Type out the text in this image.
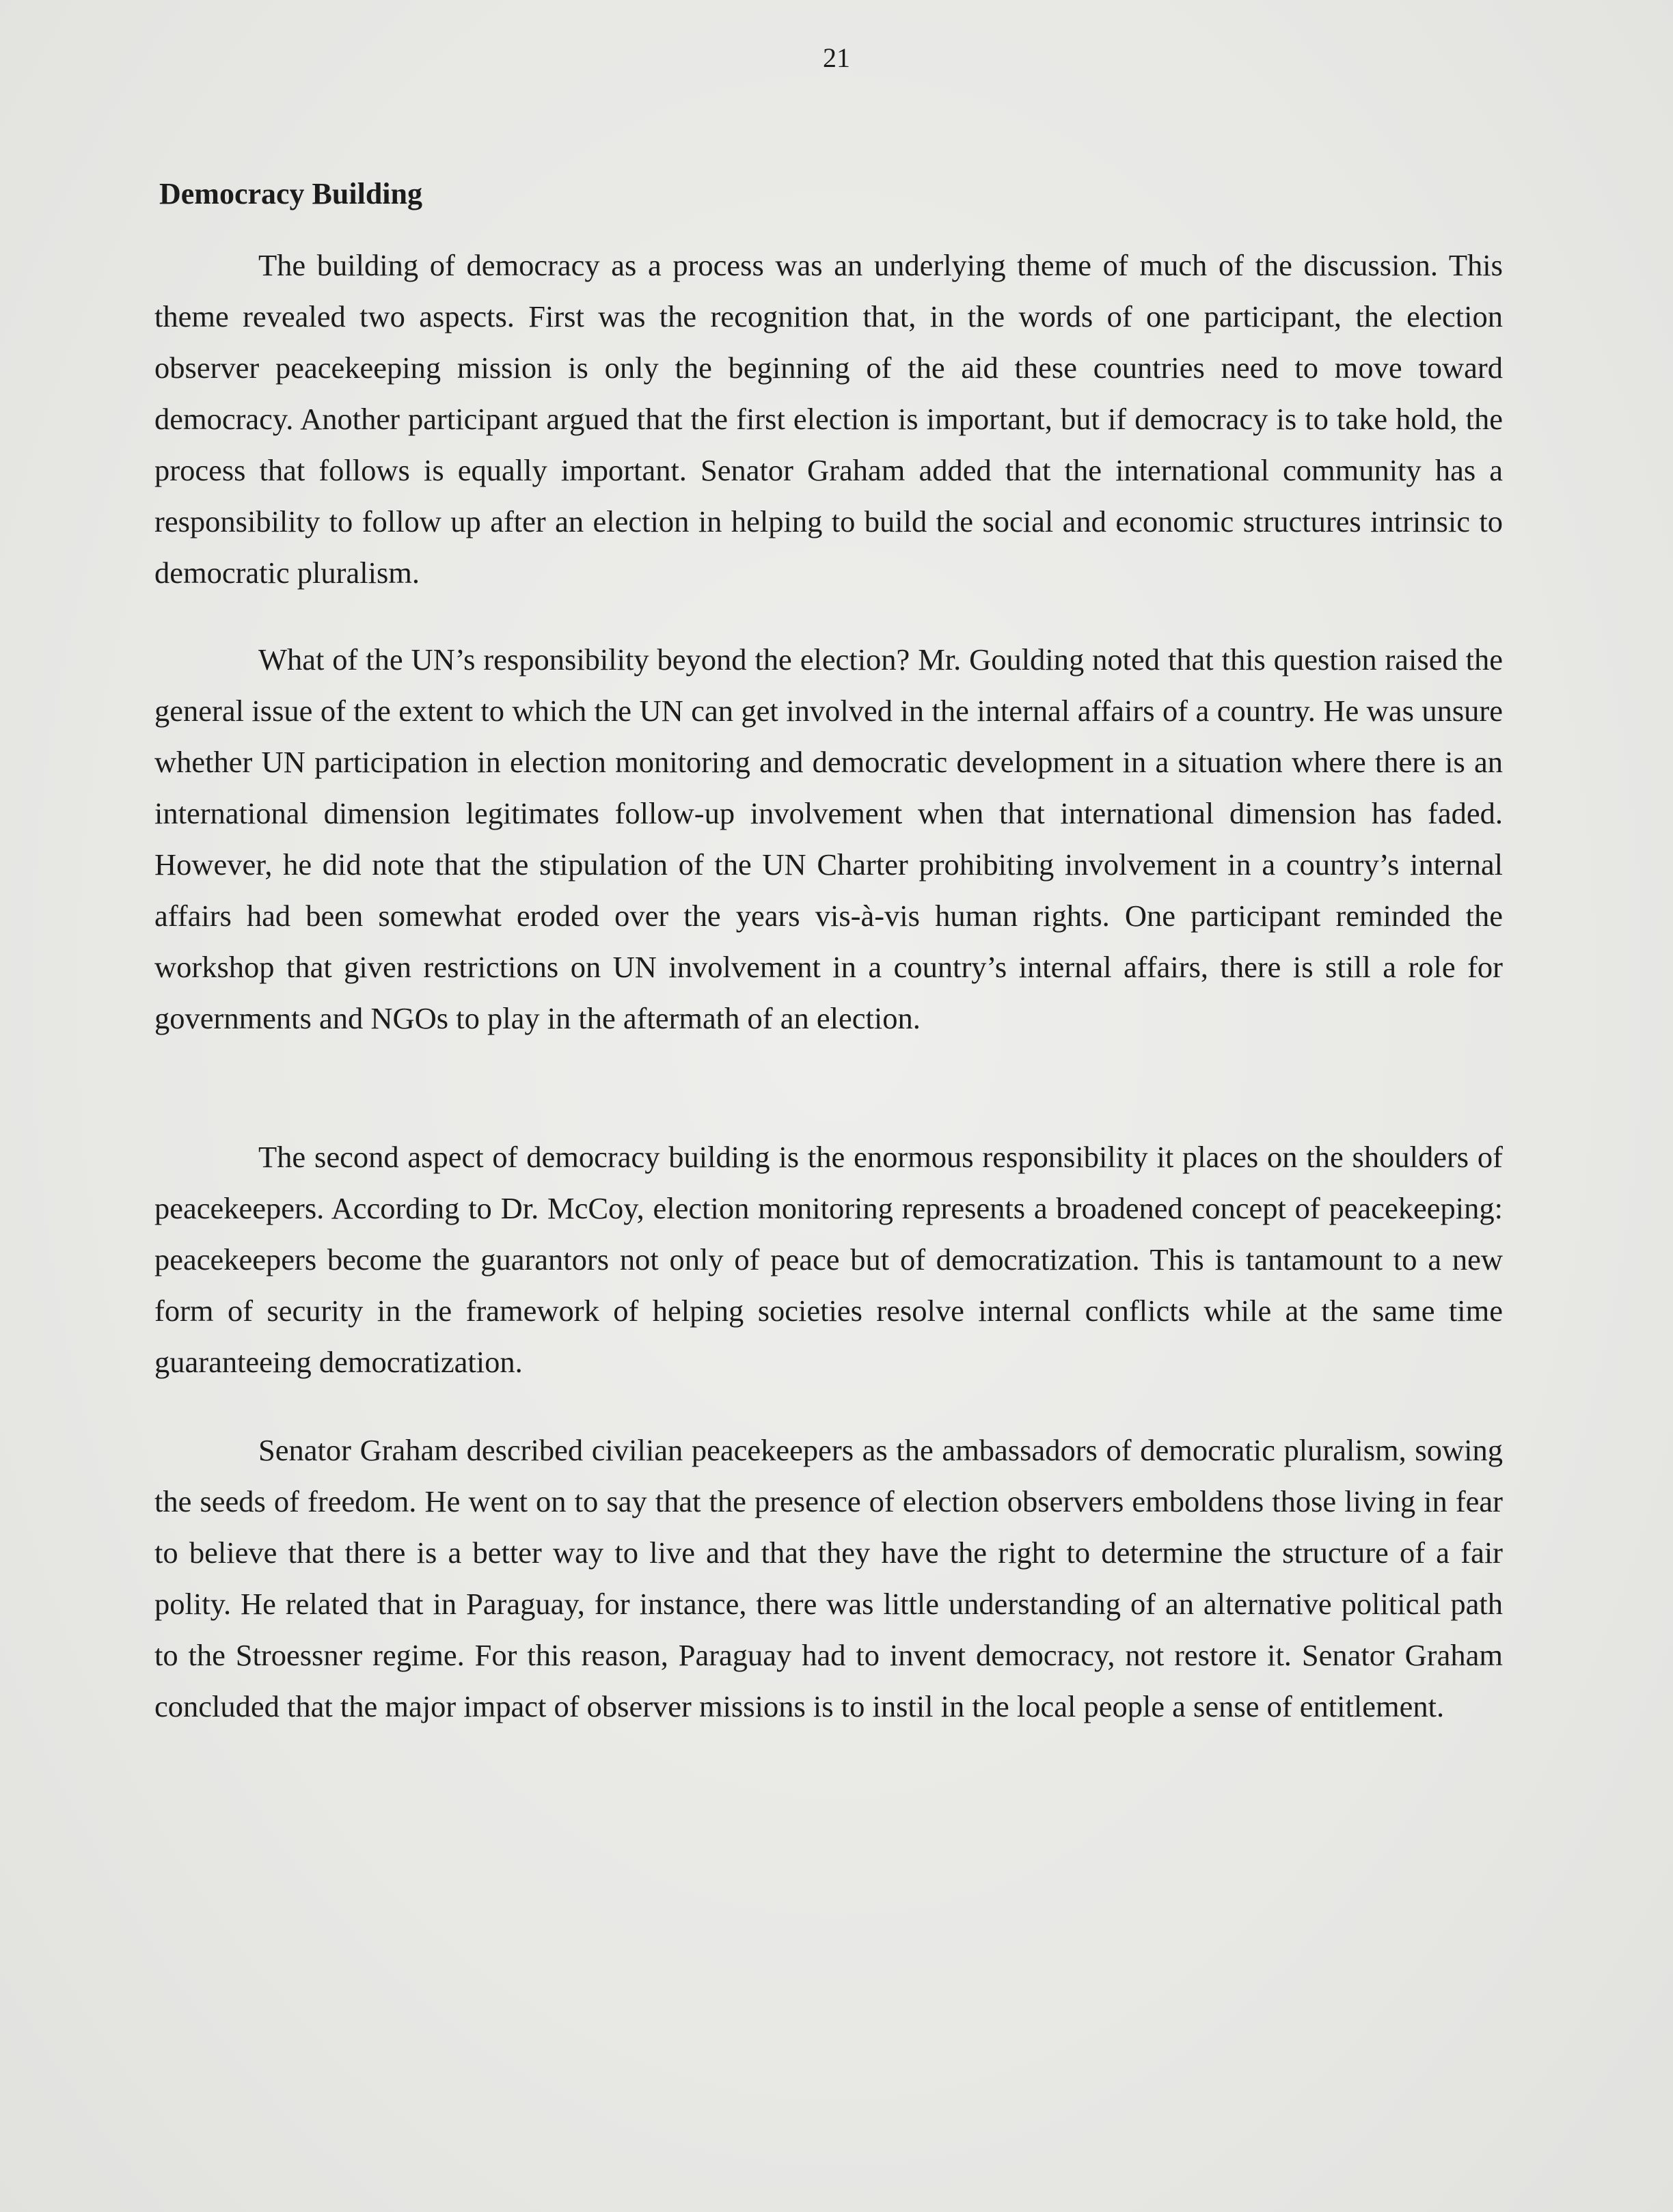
21
Democracy Building

The building of democracy as a process was an underlying theme of much of the discussion. This theme revealed two aspects. First was the recognition that, in the words of one participant, the election observer peacekeeping mission is only the beginning of the aid these countries need to move toward democracy. Another participant argued that the first election is important, but if democracy is to take hold, the process that follows is equally important. Senator Graham added that the international community has a responsibility to follow up after an election in helping to build the social and economic structures intrinsic to democratic pluralism.

What of the UN’s responsibility beyond the election? Mr. Goulding noted that this question raised the general issue of the extent to which the UN can get involved in the internal affairs of a country. He was unsure whether UN participation in election monitoring and democratic development in a situation where there is an international dimension legitimates follow-up involvement when that international dimension has faded. However, he did note that the stipulation of the UN Charter prohibiting involvement in a country’s internal affairs had been somewhat eroded over the years vis-à-vis human rights. One participant reminded the workshop that given restrictions on UN involvement in a country’s internal affairs, there is still a role for governments and NGOs to play in the aftermath of an election.

The second aspect of democracy building is the enormous responsibility it places on the shoulders of peacekeepers. According to Dr. McCoy, election monitoring represents a broadened concept of peacekeeping: peacekeepers become the guarantors not only of peace but of democratization. This is tantamount to a new form of security in the framework of helping societies resolve internal conflicts while at the same time guaranteeing democratization.

Senator Graham described civilian peacekeepers as the ambassadors of democratic pluralism, sowing the seeds of freedom. He went on to say that the presence of election observers emboldens those living in fear to believe that there is a better way to live and that they have the right to determine the structure of a fair polity. He related that in Paraguay, for instance, there was little understanding of an alternative political path to the Stroessner regime. For this reason, Paraguay had to invent democracy, not restore it. Senator Graham concluded that the major impact of observer missions is to instil in the local people a sense of entitlement.
